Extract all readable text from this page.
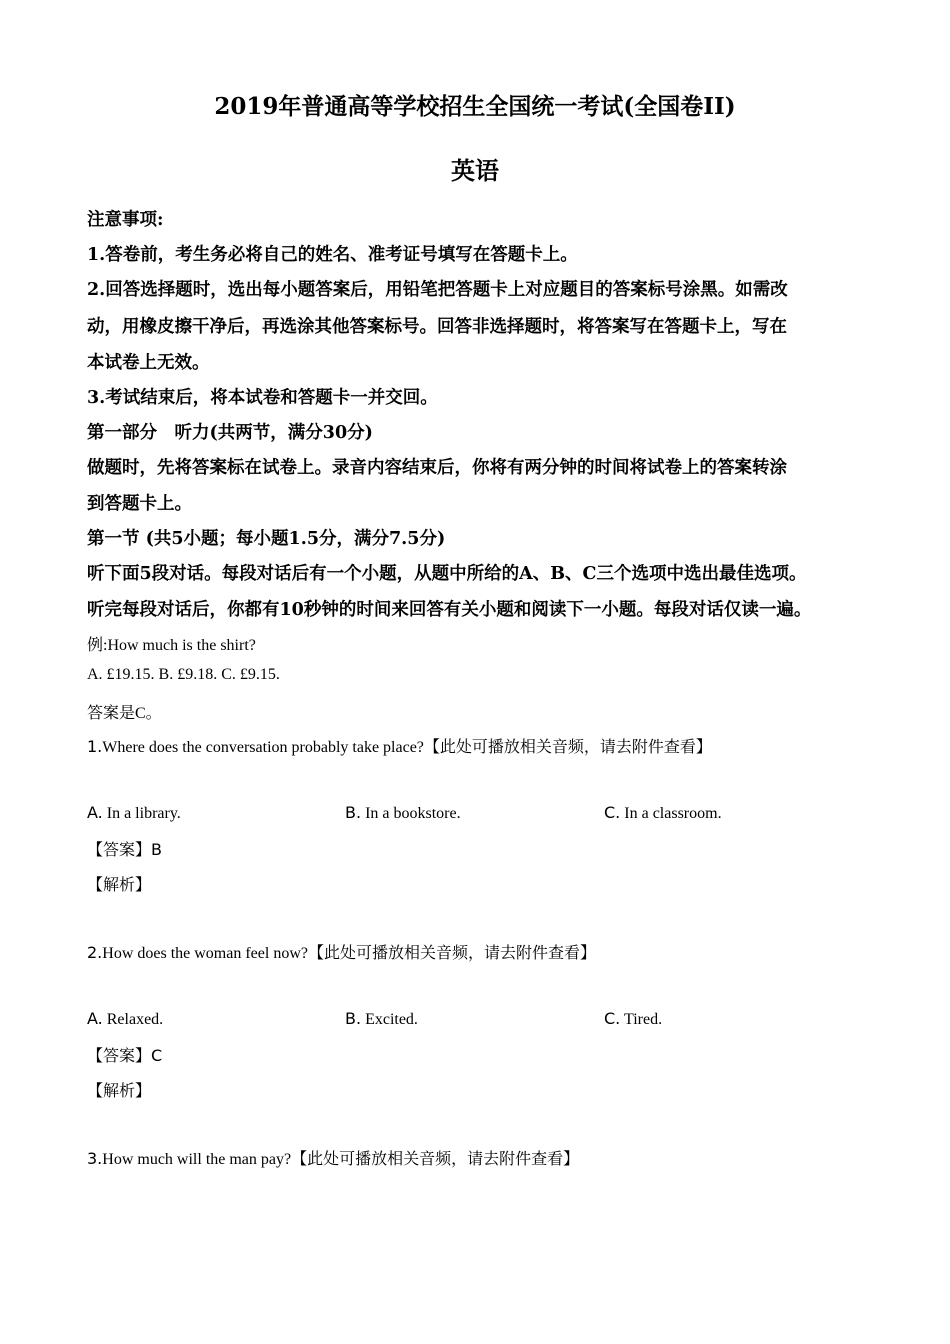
2019年普通高等学校招生全国统一考试(全国卷II)
英语
注意事项:
1.答卷前，考生务必将自己的姓名、准考证号填写在答题卡上。
2.回答选择题时，选出每小题答案后，用铅笔把答题卡上对应题目的答案标号涂黑。如需改
动，用橡皮擦干净后，再选涂其他答案标号。回答非选择题时，将答案写在答题卡上，写在
本试卷上无效。
3.考试结束后，将本试卷和答题卡一并交回。
第一部分　听力(共两节，满分30分)
做题时，先将答案标在试卷上。录音内容结束后，你将有两分钟的时间将试卷上的答案转涂
到答题卡上。
第一节 (共5小题；每小题1.5分，满分7.5分)
听下面5段对话。每段对话后有一个小题，从题中所给的A、B、C三个选项中选出最佳选项。
听完每段对话后，你都有10秒钟的时间来回答有关小题和阅读下一小题。每段对话仅读一遍。
例:How much is the shirt?
A. £19.15. B. £9.18. C. £9.15.
答案是C。
1.Where does the conversation probably take place?【此处可播放相关音频，请去附件查看】
A. In a library.	B. In a bookstore.	C. In a classroom.
【答案】B
【解析】
2.How does the woman feel now?【此处可播放相关音频，请去附件查看】
A. Relaxed.	B. Excited.	C. Tired.
【答案】C
【解析】
3.How much will the man pay?【此处可播放相关音频，请去附件查看】
